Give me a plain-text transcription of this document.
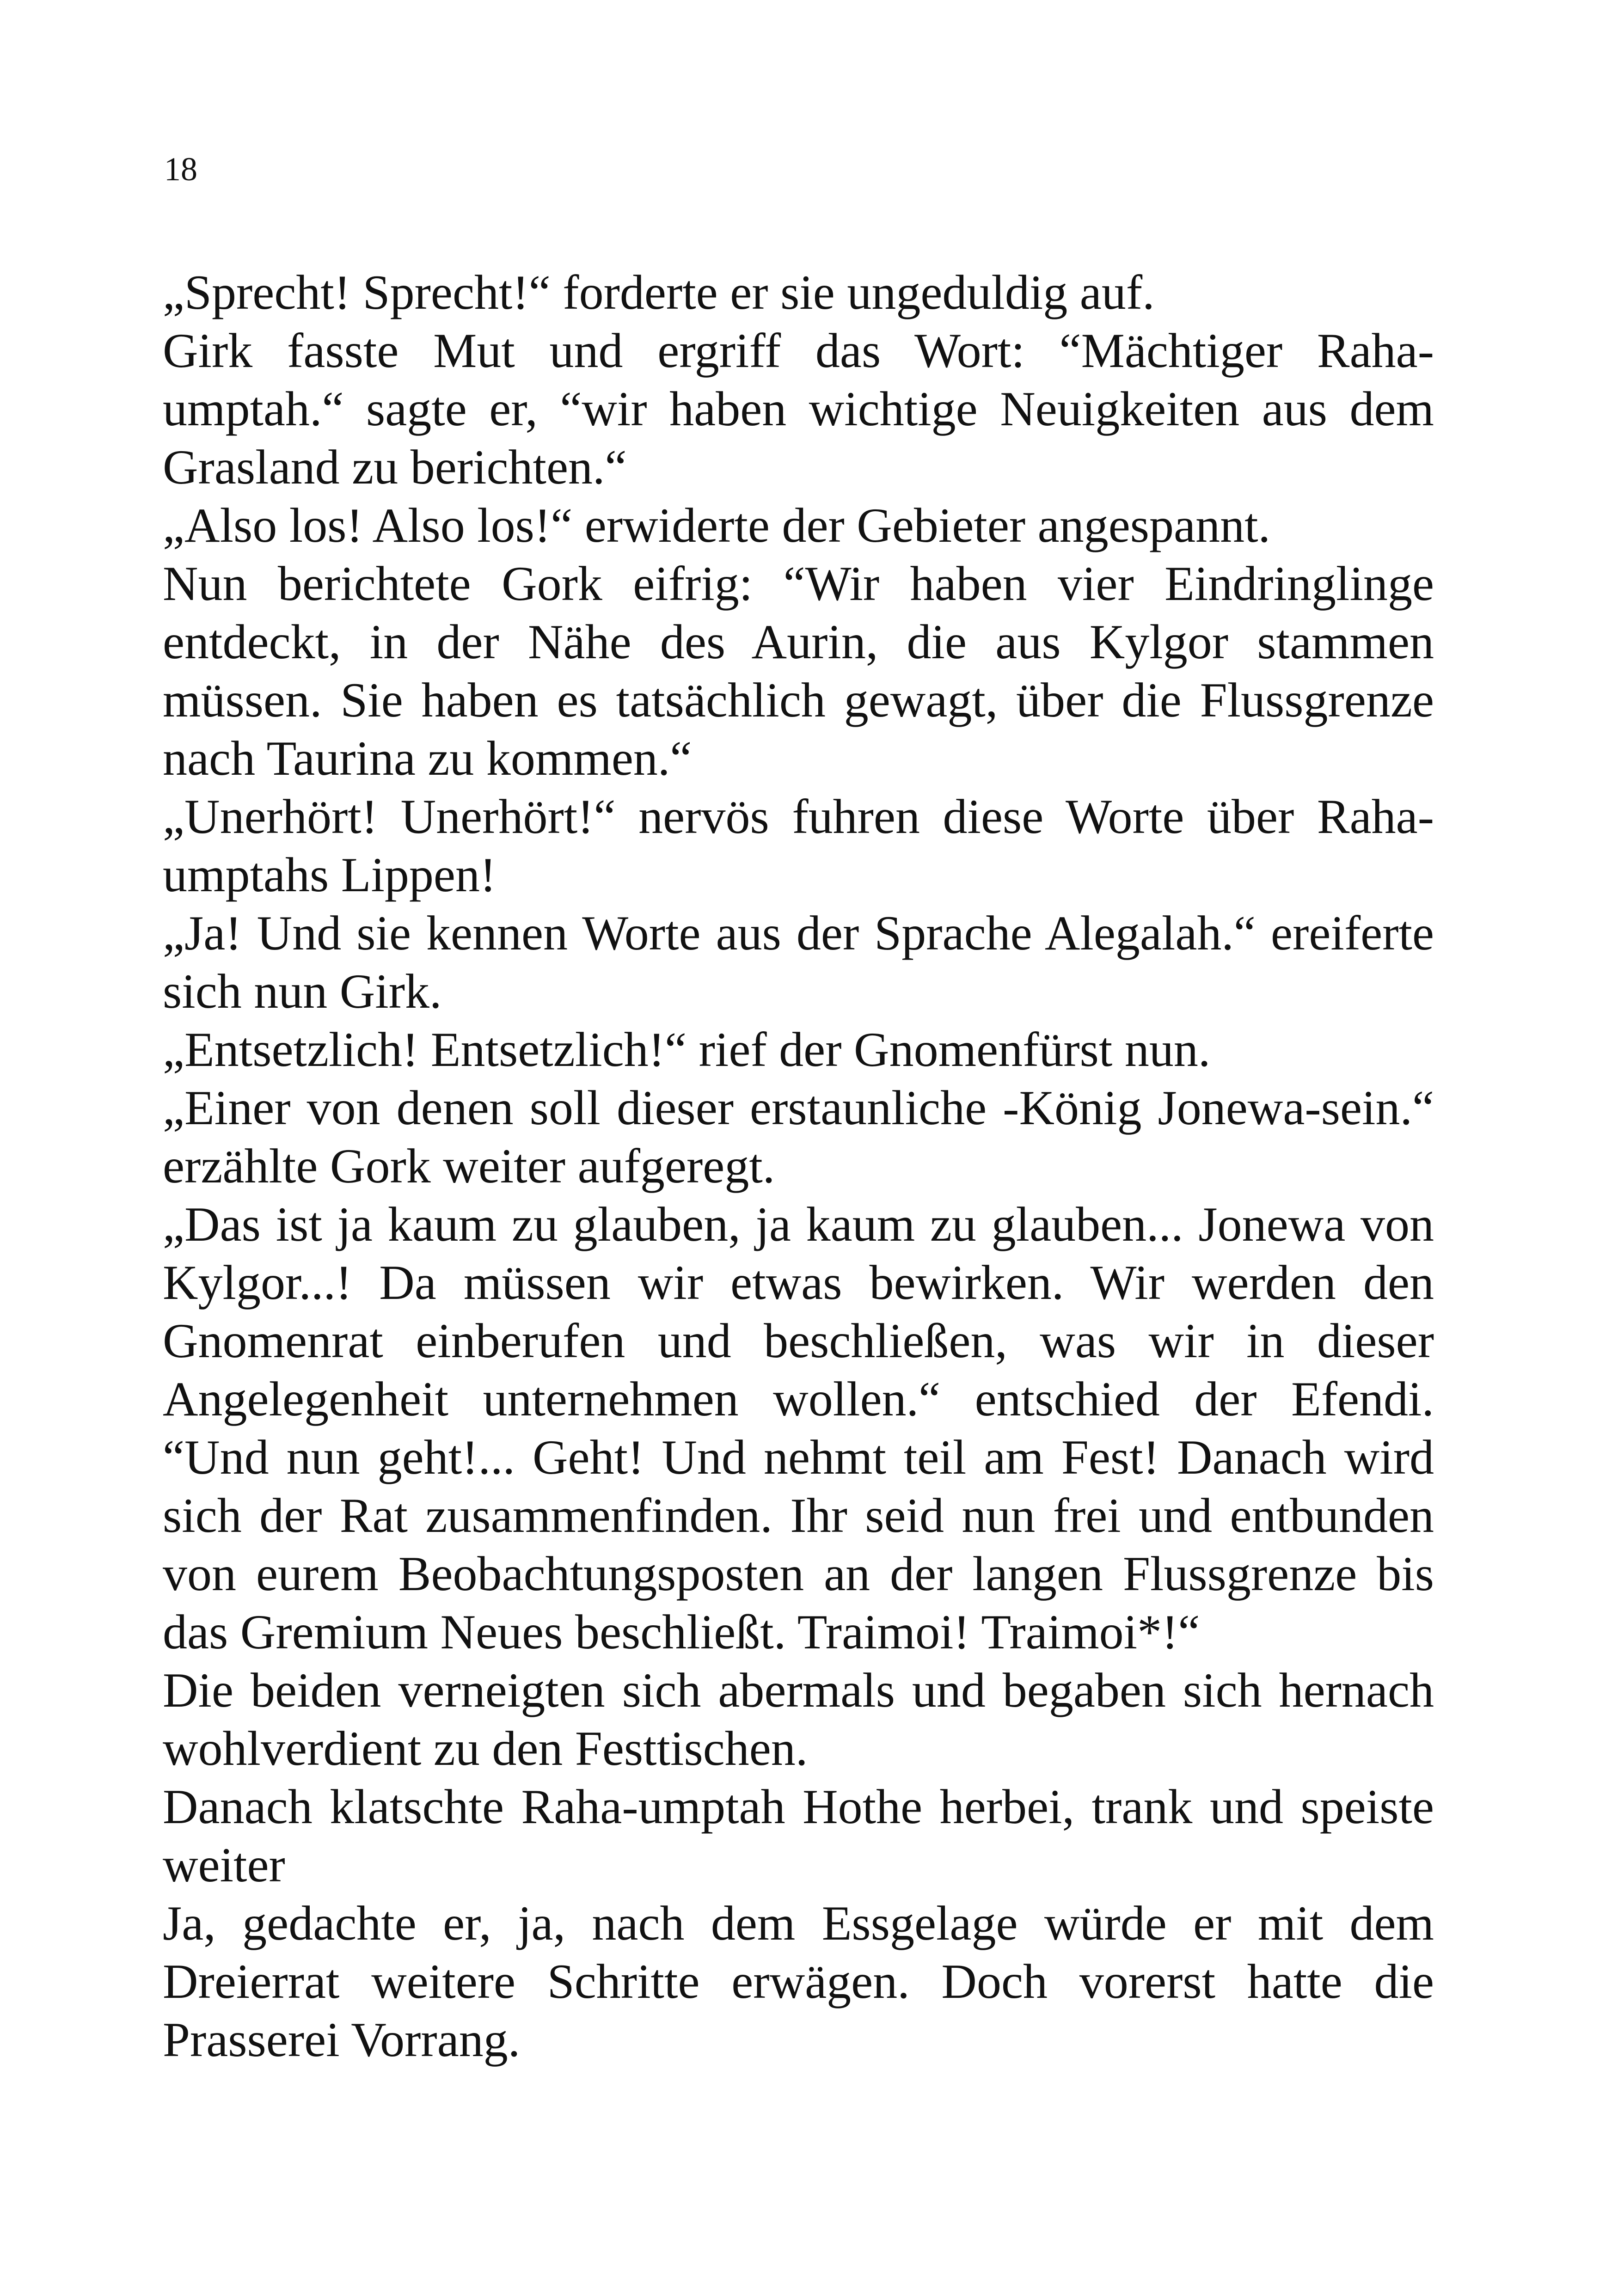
18

„Sprecht! Sprecht!“ forderte er sie ungeduldig auf.

Girk fasste Mut und ergriff das Wort: “Mächtiger Raha-umptah.“ sagte er, “wir haben wichtige Neuigkeiten aus dem Grasland zu berichten.“

„Also los! Also los!“ erwiderte der Gebieter angespannt.

Nun berichtete Gork eifrig: “Wir haben vier Eindringlinge entdeckt, in der Nähe des Aurin, die aus Kylgor stammen müssen. Sie haben es tatsächlich gewagt, über die Flussgrenze nach Taurina zu kommen.“

„Unerhört! Unerhört!“ nervös fuhren diese Worte über Raha-umptahs Lippen!

„Ja! Und sie kennen Worte aus der Sprache Alegalah.“ ereiferte sich nun Girk.

„Entsetzlich! Entsetzlich!“ rief der Gnomenfürst nun.

„Einer von denen soll dieser erstaunliche -König Jonewa-sein.“ erzählte Gork weiter aufgeregt.

„Das ist ja kaum zu glauben, ja kaum zu glauben... Jonewa von Kylgor...! Da müssen wir etwas bewirken. Wir werden den Gnomenrat einberufen und beschließen, was wir in dieser Angelegenheit unternehmen wollen.“ entschied der Efendi. “Und nun geht!... Geht! Und nehmt teil am Fest! Danach wird sich der Rat zusammenfinden. Ihr seid nun frei und entbunden von eurem Beobachtungsposten an der langen Flussgrenze bis das Gremium Neues beschließt. Traimoi! Traimoi*!“

Die beiden verneigten sich abermals und begaben sich hernach wohlverdient zu den Festtischen.

Danach klatschte Raha-umptah Hothe herbei, trank und speiste weiter

Ja, gedachte er, ja, nach dem Essgelage würde er mit dem Dreierrat weitere Schritte erwägen. Doch vorerst hatte die Prasserei Vorrang.
